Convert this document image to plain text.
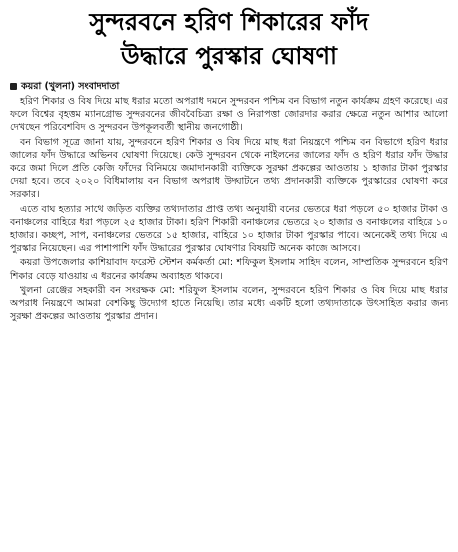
সুন্দরবনে হরিণ শিকারের ফাঁদ
উদ্ধারে পুরস্কার ঘোষণা
কয়রা (খুলনা) সংবাদদাতা

হরিণ শিকার ও বিষ দিয়ে মাছ ধরার মতো অপরাধ দমনে সুন্দরবন পশ্চিম বন বিভাগ নতুন কার্যক্রম গ্রহণ করেছে। এর ফলে বিশ্বের বৃহত্তম ম্যানগ্রোভ সুন্দরবনের জীববৈচিত্র্য রক্ষা ও নিরাপত্তা জোরদার করার ক্ষেত্রে নতুন আশার আলো দেখছেন পরিবেশবিদ ও সুন্দরবন উপকূলবর্তী স্থানীয় জনগোষ্ঠী।

বন বিভাগ সূত্রে জানা যায়, সুন্দরবনে হরিণ শিকার ও বিষ দিয়ে মাছ ধরা নিয়ন্ত্রণে পশ্চিম বন বিভাগে হরিণ ধরার জালের ফাঁদ উদ্ধারে অভিনব ঘোষণা দিয়েছে। কেউ সুন্দরবন থেকে নাইলনের জালের ফাঁদ ও হরিণ ধরার ফাঁদ উদ্ধার করে জমা দিলে প্রতি কেজি ফাঁদের বিনিময়ে জমাদানকারী ব্যক্তিকে সুরক্ষা প্রকল্পের আওতায় ১ হাজার টাকা পুরস্কার দেয়া হবে। তবে ২০২০ বিধিমালায় বন বিভাগ অপরাধ উদ্ঘাটনে তথ্য প্রদানকারী ব্যক্তিকে পুরস্কারের ঘোষণা করে সরকার।

এতে বাঘ হত্যার সাথে জড়িত ব্যক্তির তথ্যদাতার প্রাপ্ত তথ্য অনুযায়ী বনের ভেতরে ধরা পড়লে ৫০ হাজার টাকা ও বনাঞ্চলের বাহিরে ধরা পড়লে ২৫ হাজার টাকা। হরিণ শিকারী বনাঞ্চলের ভেতরে ২০ হাজার ও বনাঞ্চলের বাহিরে ১০ হাজার। কচ্ছপ, সাপ, বনাঞ্চলের ভেতরে ১৫ হাজার, বাহিরে ১০ হাজার টাকা পুরস্কার পাবে। অনেকেই তথ্য দিয়ে এ পুরস্কার নিয়েছেন। এর পাশাপাশি ফাঁদ উদ্ধারের পুরস্কার ঘোষণার বিষয়টি অনেক কাজে আসবে।

কয়রা উপজেলার কাশিয়াবাদ ফরেস্ট স্টেশন কর্মকর্তা মো: শফিকুল ইসলাম সাহিদ বলেন, সাম্প্রতিক সুন্দরবনে হরিণ শিকার বেড়ে যাওয়ায় এ ধরনের কার্যক্রম অব্যাহত থাকবে।

খুলনা রেঞ্জের সহকারী বন সংরক্ষক মো: শরিফুল ইসলাম বলেন, সুন্দরবনে হরিণ শিকার ও বিষ দিয়ে মাছ ধরার অপরাধ নিয়ন্ত্রণে আমরা বেশকিছু উদ্যোগ হাতে নিয়েছি। তার মধ্যে একটি হলো তথ্যদাতাকে উৎসাহিত করার জন্য সুরক্ষা প্রকল্পের আওতায় পুরস্কার প্রদান।
